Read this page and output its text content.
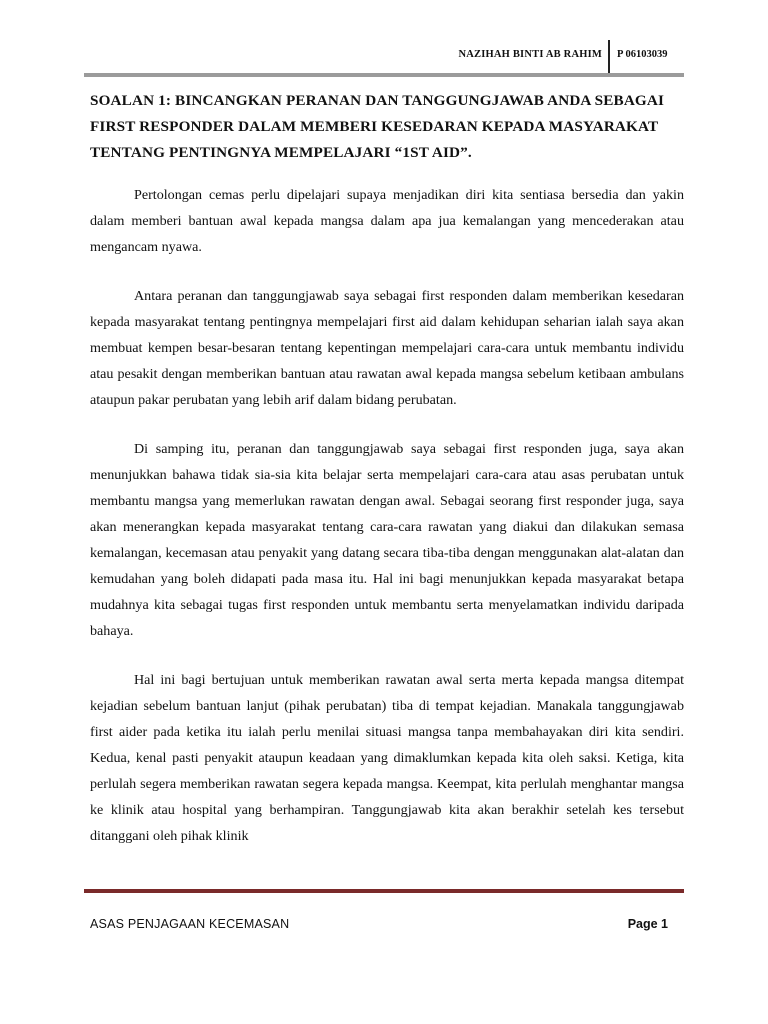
NAZIHAH BINTI AB RAHIM P 06103039
SOALAN 1: BINCANGKAN PERANAN DAN TANGGUNGJAWAB ANDA SEBAGAI FIRST RESPONDER DALAM MEMBERI KESEDARAN KEPADA MASYARAKAT TENTANG PENTINGNYA MEMPELAJARI “1ST AID”.

Pertolongan cemas perlu dipelajari supaya menjadikan diri kita sentiasa bersedia dan yakin dalam memberi bantuan awal kepada mangsa dalam apa jua kemalangan yang mencederakan atau mengancam nyawa.

Antara peranan dan tanggungjawab saya sebagai first responden dalam memberikan kesedaran kepada masyarakat tentang pentingnya mempelajari first aid dalam kehidupan seharian ialah saya akan membuat kempen besar-besaran tentang kepentingan mempelajari cara-cara untuk membantu individu atau pesakit dengan memberikan bantuan atau rawatan awal kepada mangsa sebelum ketibaan ambulans ataupun pakar perubatan yang lebih arif dalam bidang perubatan.

Di samping itu, peranan dan tanggungjawab saya sebagai first responden juga, saya akan menunjukkan bahawa tidak sia-sia kita belajar serta mempelajari cara-cara atau asas perubatan untuk membantu mangsa yang memerlukan rawatan dengan awal. Sebagai seorang first responder juga, saya akan menerangkan kepada masyarakat tentang cara-cara rawatan yang diakui dan dilakukan semasa kemalangan, kecemasan atau penyakit yang datang secara tiba-tiba dengan menggunakan alat-alatan dan kemudahan yang boleh didapati pada masa itu. Hal ini bagi menunjukkan kepada masyarakat betapa mudahnya kita sebagai tugas first responden untuk membantu serta menyelamatkan individu daripada bahaya.

Hal ini bagi bertujuan untuk memberikan rawatan awal serta merta kepada mangsa ditempat kejadian sebelum bantuan lanjut (pihak perubatan) tiba di tempat kejadian. Manakala tanggungjawab first aider pada ketika itu ialah perlu menilai situasi mangsa tanpa membahayakan diri kita sendiri. Kedua, kenal pasti penyakit ataupun keadaan yang dimaklumkan kepada kita oleh saksi. Ketiga, kita perlulah segera memberikan rawatan segera kepada mangsa. Keempat, kita perlulah menghantar mangsa ke klinik atau hospital yang berhampiran. Tanggungjawab kita akan berakhir setelah kes tersebut ditanggani oleh pihak klinik

ASAS PENJAGAAN KECEMASAN	Page 1
